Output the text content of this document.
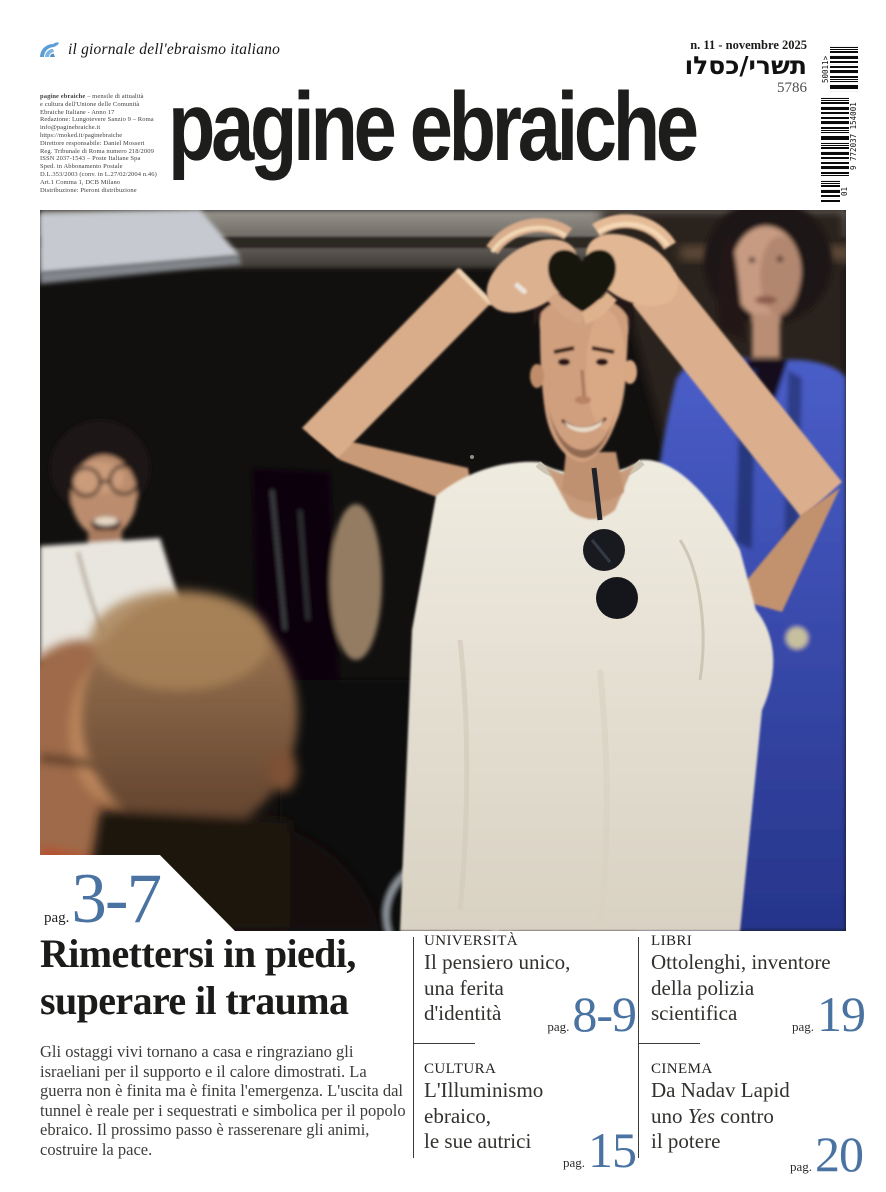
il giornale dell'ebraismo italiano	n. 11 - novembre 2025
תשרי/כסלו
5786
50011>
9 772037 154001
01
pagine ebraiche – mensile di attualità
e cultura dell'Unione delle Comunità
Ebraiche Italiane - Anno 17
Redazione: Lungotevere Sanzio 9 – Roma
info@paginebraiche.it
https://moked.it/paginebraiche
Direttore responsabile: Daniel Mosseri
Reg. Tribunale di Roma numero 218/2009
ISSN 2037-1543 – Poste Italiane Spa
Sped. in Abbonamento Postale
D.L.353/2003 (conv. in L.27/02/2004 n.46)
Art.1 Comma 1, DCB Milano
Distribuzione: Pieroni distribuzione
pagine ebraiche
pag. 3-7
Rimettersi in piedi,
superare il trauma

Gli ostaggi vivi tornano a casa e ringraziano gli israeliani per il supporto e il calore dimostrati. La guerra non è finita ma è finita l'emergenza. L'uscita dal tunnel è reale per i sequestrati e simbolica per il popolo ebraico. Il prossimo passo è rasserenare gli animi, costruire la pace.

UNIVERSITÀ
Il pensiero unico,
una ferita
d'identità
pag. 8-9
LIBRI
Ottolenghi, inventore
della polizia
scientifica
pag. 19
CULTURA
L'Illuminismo
ebraico,
le sue autrici
pag. 15
CINEMA
Da Nadav Lapid
uno Yes contro
il potere
pag. 20
